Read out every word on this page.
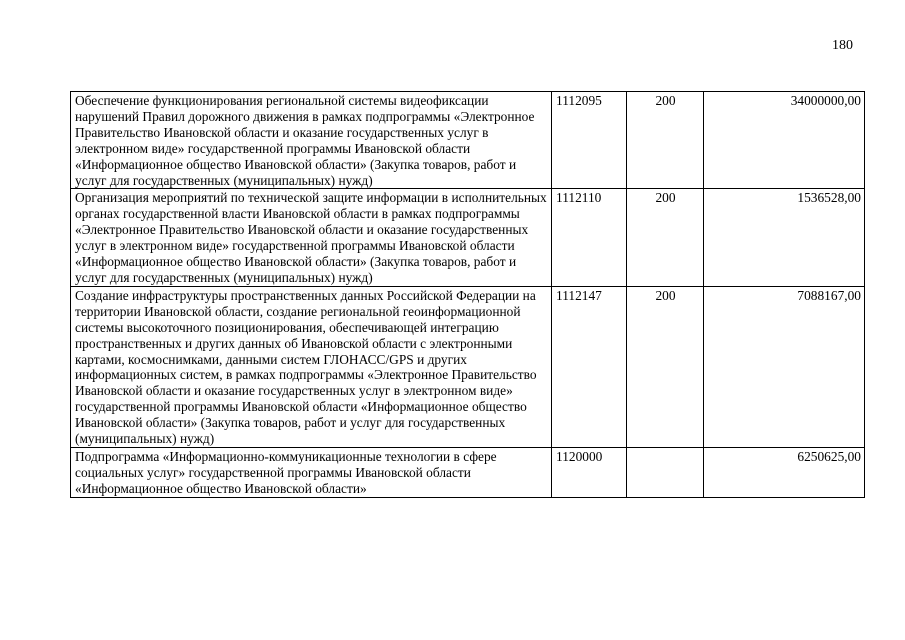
180
Обеспечение функционирования региональной системы видеофиксации нарушений Правил дорожного движения в рамках подпрограммы «Электронное Правительство Ивановской области и оказание государственных услуг в электронном виде» государственной программы Ивановской области «Информационное общество Ивановской области» (Закупка товаров, работ и услуг для государственных (муниципальных) нужд)	1112095	200	34000000,00
Организация мероприятий по технической защите информации в исполнительных органах государственной власти Ивановской области в рамках подпрограммы «Электронное Правительство Ивановской области и оказание государственных услуг в электронном виде» государственной программы Ивановской области «Информационное общество Ивановской области» (Закупка товаров, работ и услуг для государственных (муниципальных) нужд)	1112110	200	1536528,00
Создание инфраструктуры пространственных данных Российской Федерации на территории Ивановской области, создание региональной геоинформационной системы высокоточного позиционирования, обеспечивающей интеграцию пространственных и других данных об Ивановской области с электронными картами, космоснимками, данными систем ГЛОНАСС/GPS и других информационных систем, в рамках подпрограммы «Электронное Правительство Ивановской области и оказание государственных услуг в электронном виде» государственной программы Ивановской области «Информационное общество Ивановской области» (Закупка товаров, работ и услуг для государственных (муниципальных) нужд)	1112147	200	7088167,00
Подпрограмма «Информационно-коммуникационные технологии в сфере социальных услуг» государственной программы Ивановской области «Информационное общество Ивановской области»	1120000		6250625,00
